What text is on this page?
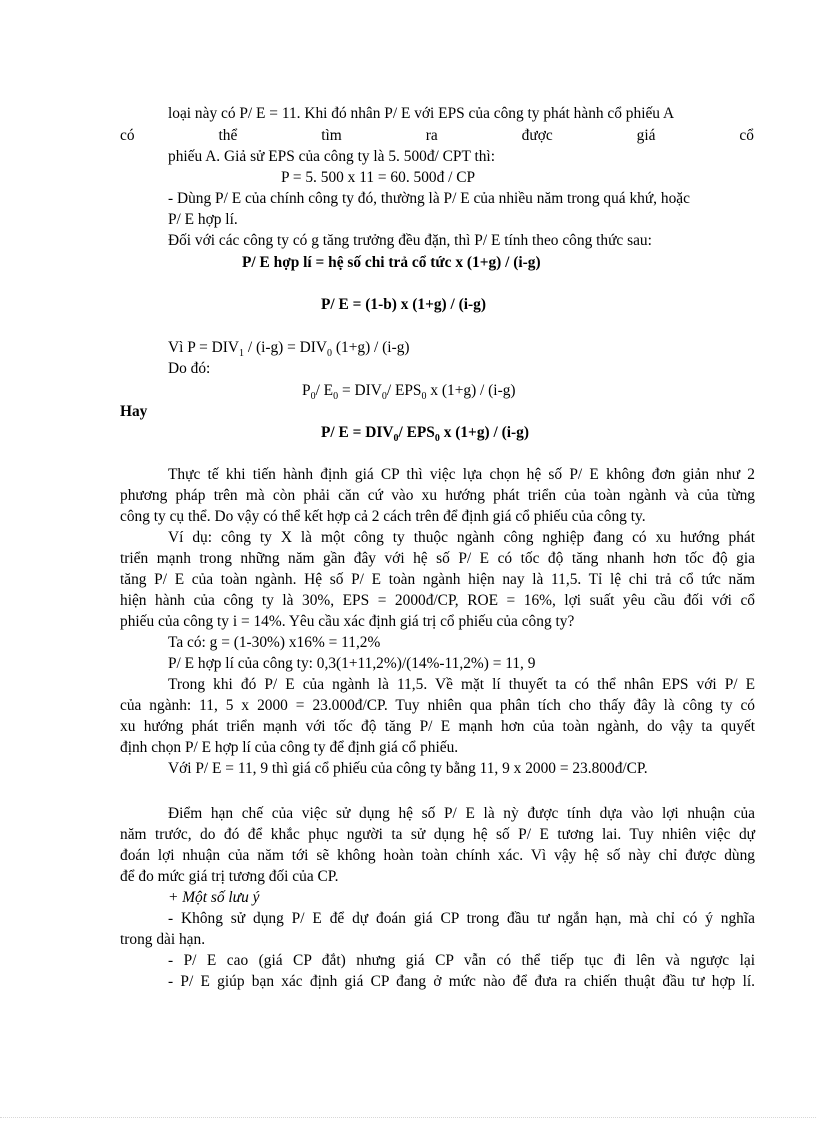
loại này có P/ E = 11. Khi đó nhân P/ E với EPS của công ty phát hành cổ phiếu A
có	thể	tìm	ra	được	giá	cổ
phiếu A. Giả sử EPS của công ty là 5. 500đ/ CPT thì:
P = 5. 500 x 11 = 60. 500đ / CP
- Dùng P/ E của chính công ty đó, thường là P/ E của nhiều năm trong quá khứ, hoặc
P/ E hợp lí.
Đối với các công ty có g tăng trưởng đều đặn, thì P/ E tính theo công thức sau:
P/ E hợp lí = hệ số chi trả cổ tức x (1+g) / (i-g)
P/ E = (1-b) x (1+g) / (i-g)
Vì $P = DIV_1 / (i-g) = DIV_0$ (1+g) / (i-g)
Do đó:
$P_0/$ $E_0 = DIV_0/$ $EPS_0$ x (1+g) / (i-g)
Hay
P/ $E = DIV_0/$ $EPS_0$ x (1+g) / (i-g)
Thực tế khi tiến hành định giá CP thì việc lựa chọn hệ số P/ E không đơn giản như 2
phương pháp trên mà còn phải căn cứ vào xu hướng phát triển của toàn ngành và của từng
công ty cụ thể. Do vậy có thể kết hợp cả 2 cách trên để định giá cổ phiếu của công ty.
Ví dụ: công ty X là một công ty thuộc ngành công nghiệp đang có xu hướng phát
triển mạnh trong những năm gần đây với hệ số P/ E có tốc độ tăng nhanh hơn tốc độ gia
tăng P/ E của toàn ngành. Hệ số P/ E toàn ngành hiện nay là 11,5. Tỉ lệ chi trả cổ tức năm
hiện hành của công ty là 30%, EPS = 2000đ/CP, ROE = 16%, lợi suất yêu cầu đối với cổ
phiếu của công ty i = 14%. Yêu cầu xác định giá trị cổ phiếu của công ty?
Ta có: g = (1-30%) x16% = 11,2%
P/ E hợp lí của công ty: 0,3(1+11,2%)/(14%-11,2%) = 11, 9
Trong khi đó P/ E của ngành là 11,5. Về mặt lí thuyết ta có thể nhân EPS với P/ E
của ngành: 11, 5 x 2000 = 23.000đ/CP. Tuy nhiên qua phân tích cho thấy đây là công ty có
xu hướng phát triển mạnh với tốc độ tăng P/ E mạnh hơn của toàn ngành, do vậy ta quyết
định chọn P/ E hợp lí của công ty để định giá cổ phiếu.
Với P/ E = 11, 9 thì giá cổ phiếu của công ty bằng 11, 9 x 2000 = 23.800đ/CP.
Điểm hạn chế của việc sử dụng hệ số P/ E là nỳ được tính dựa vào lợi nhuận của
năm trước, do đó để khắc phục người ta sử dụng hệ số P/ E tương lai. Tuy nhiên việc dự
đoán lợi nhuận của năm tới sẽ không hoàn toàn chính xác. Vì vậy hệ số này chỉ được dùng
để đo mức giá trị tương đối của CP.
+ Một số lưu ý
- Không sử dụng P/ E để dự đoán giá CP trong đầu tư ngắn hạn, mà chỉ có ý nghĩa
trong dài hạn.
- P/ E cao (giá CP đắt) nhưng giá CP vẫn có thể tiếp tục đi lên và ngược lại
- P/ E giúp bạn xác định giá CP đang ở mức nào để đưa ra chiến thuật đầu tư hợp lí.
